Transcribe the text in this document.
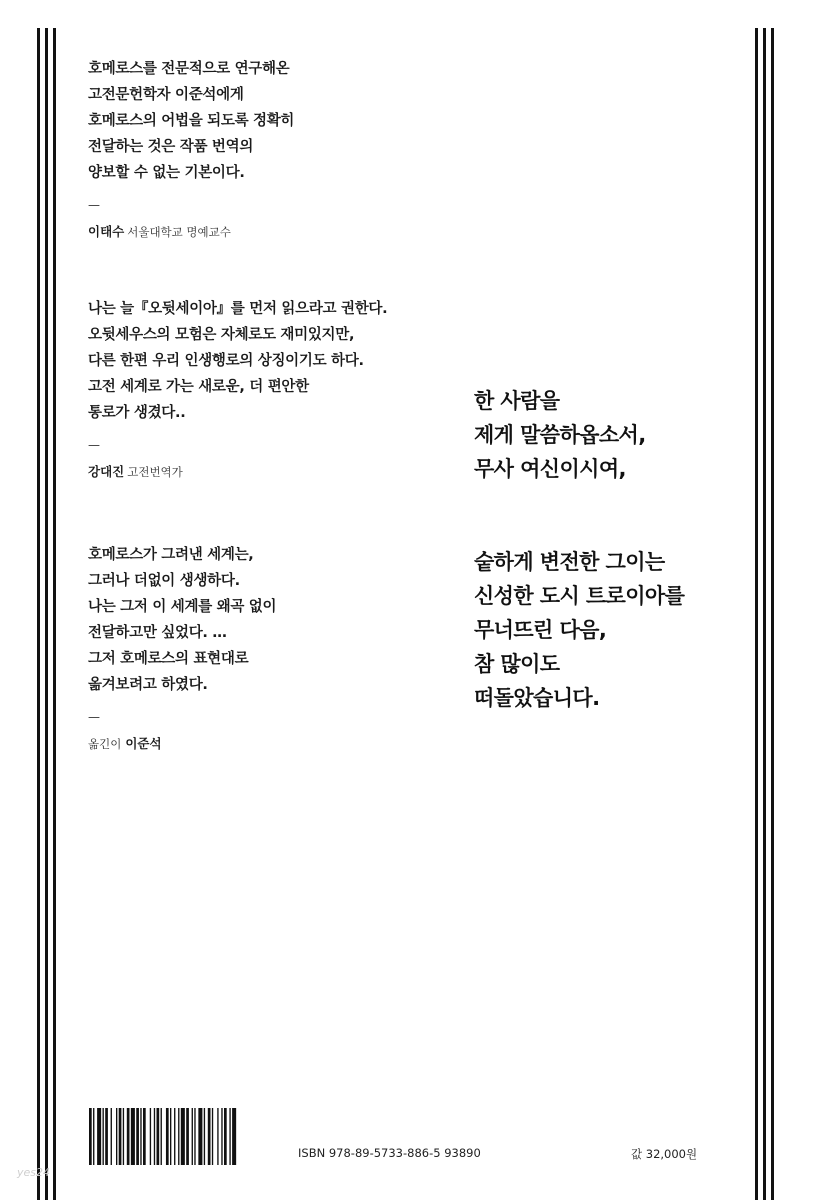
호메로스를 전문적으로 연구해온
고전문헌학자 이준석에게
호메로스의 어법을 되도록 정확히
전달하는 것은 작품 번역의
양보할 수 없는 기본이다.
—
이태수 서울대학교 명예교수
나는 늘『오뒷세이아』를 먼저 읽으라고 권한다.
오뒷세우스의 모험은 자체로도 재미있지만,
다른 한편 우리 인생행로의 상징이기도 하다.
고전 세계로 가는 새로운, 더 편안한
통로가 생겼다..
—
강대진 고전번역가
호메로스가 그려낸 세계는,
그러나 더없이 생생하다.
나는 그저 이 세계를 왜곡 없이
전달하고만 싶었다. …
그저 호메로스의 표현대로
옮겨보려고 하였다.
—
옮긴이 이준석
한 사람을
제게 말씀하옵소서,
무사 여신이시여,
숱하게 변전한 그이는
신성한 도시 트로이아를
무너뜨린 다음,
참 많이도
떠돌았습니다.
ISBN 978-89-5733-886-5 93890	값 32,000원
yes24
